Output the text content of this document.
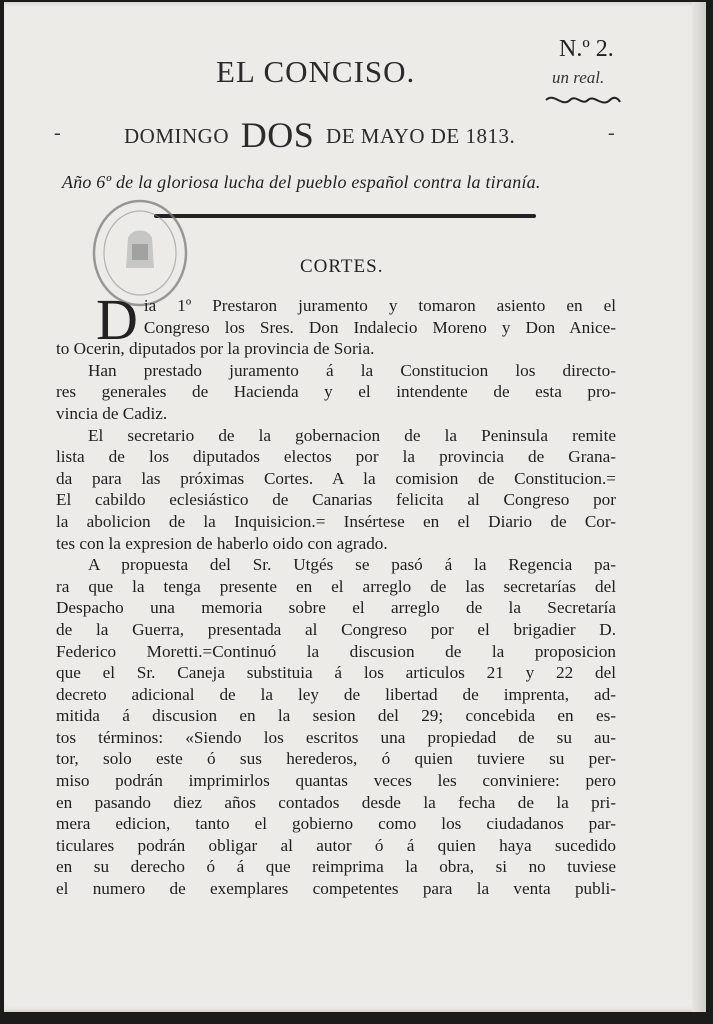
N.º 2.
EL CONCISO.	un real.
-	-
DOMINGO DOS DE MAYO DE 1813.
Año 6º de la gloriosa lucha del pueblo español contra la tiranía.
CORTES.
D ia 1º Prestaron juramento y tomaron asiento en el
Congreso los Sres. Don Indalecio Moreno y Don Anice-
to Ocerin, diputados por la provincia de Soria.
Han prestado juramento á la Constitucion los directo-
res generales de Hacienda y el intendente de esta pro-
vincia de Cadiz.
El secretario de la gobernacion de la Peninsula remite
lista de los diputados electos por la provincia de Grana-
da para las próximas Cortes. A la comision de Constitucion.=
El cabildo eclesiástico de Canarias felicita al Congreso por
la abolicion de la Inquisicion.= Insértese en el Diario de Cor-
tes con la expresion de haberlo oido con agrado.
A propuesta del Sr. Utgés se pasó á la Regencia pa-
ra que la tenga presente en el arreglo de las secretarías del
Despacho una memoria sobre el arreglo de la Secretaría
de la Guerra, presentada al Congreso por el brigadier D.
Federico Moretti.=Continuó la discusion de la proposicion
que el Sr. Caneja substituia á los articulos 21 y 22 del
decreto adicional de la ley de libertad de imprenta, ad-
mitida á discusion en la sesion del 29; concebida en es-
tos términos: «Siendo los escritos una propiedad de su au-
tor, solo este ó sus herederos, ó quien tuviere su per-
miso podrán imprimirlos quantas veces les conviniere: pero
en pasando diez años contados desde la fecha de la pri-
mera edicion, tanto el gobierno como los ciudadanos par-
ticulares podrán obligar al autor ó á quien haya sucedido
en su derecho ó á que reimprima la obra, si no tuviese
el numero de exemplares competentes para la venta publi-
